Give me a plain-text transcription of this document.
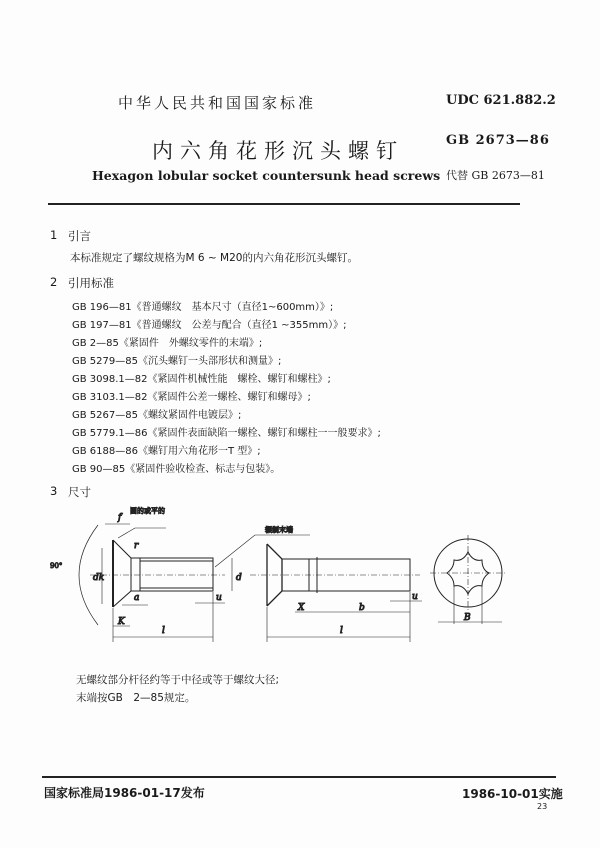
中华人民共和国国家标准	UDC 621.882.2
内六角花形沉头螺钉	GB 2673—86
Hexagon lobular socket countersunk head screws 代替 GB 2673—81
1 引言
本标准规定了螺纹规格为M 6 ~ M20的内六角花形沉头螺钉。
2 引用标准
GB 196—81《普通螺纹　基本尺寸（直径1~600mm）》;
GB 197—81《普通螺纹　公差与配合（直径1 ~355mm）》;
GB 2—85《紧固件　外螺纹零件的末端》;
GB 5279—85《沉头螺钉一头部形状和测量》;
GB 3098.1—82《紧固件机械性能　螺栓、螺钉和螺柱》;
GB 3103.1—82《紧固件公差一螺栓、螺钉和螺母》;
GB 5267—85《螺纹紧固件电镀层》;
GB 5779.1—86《紧固件表面缺陷一螺栓、螺钉和螺柱一一般要求》;
GB 6188—86《螺钉用六角花形一T 型》;
GB 90—85《紧固件验收检查、标志与包装》。
3 尺寸
圆的或平的
辗制末端
90°
f
r
dk	d
a	u
K
l
X	b
u
l
B
无螺纹部分杆径约等于中径或等于螺纹大径;
末端按GB　2—85规定。
国家标准局1986-01-17发布	1986-10-01实施
23
